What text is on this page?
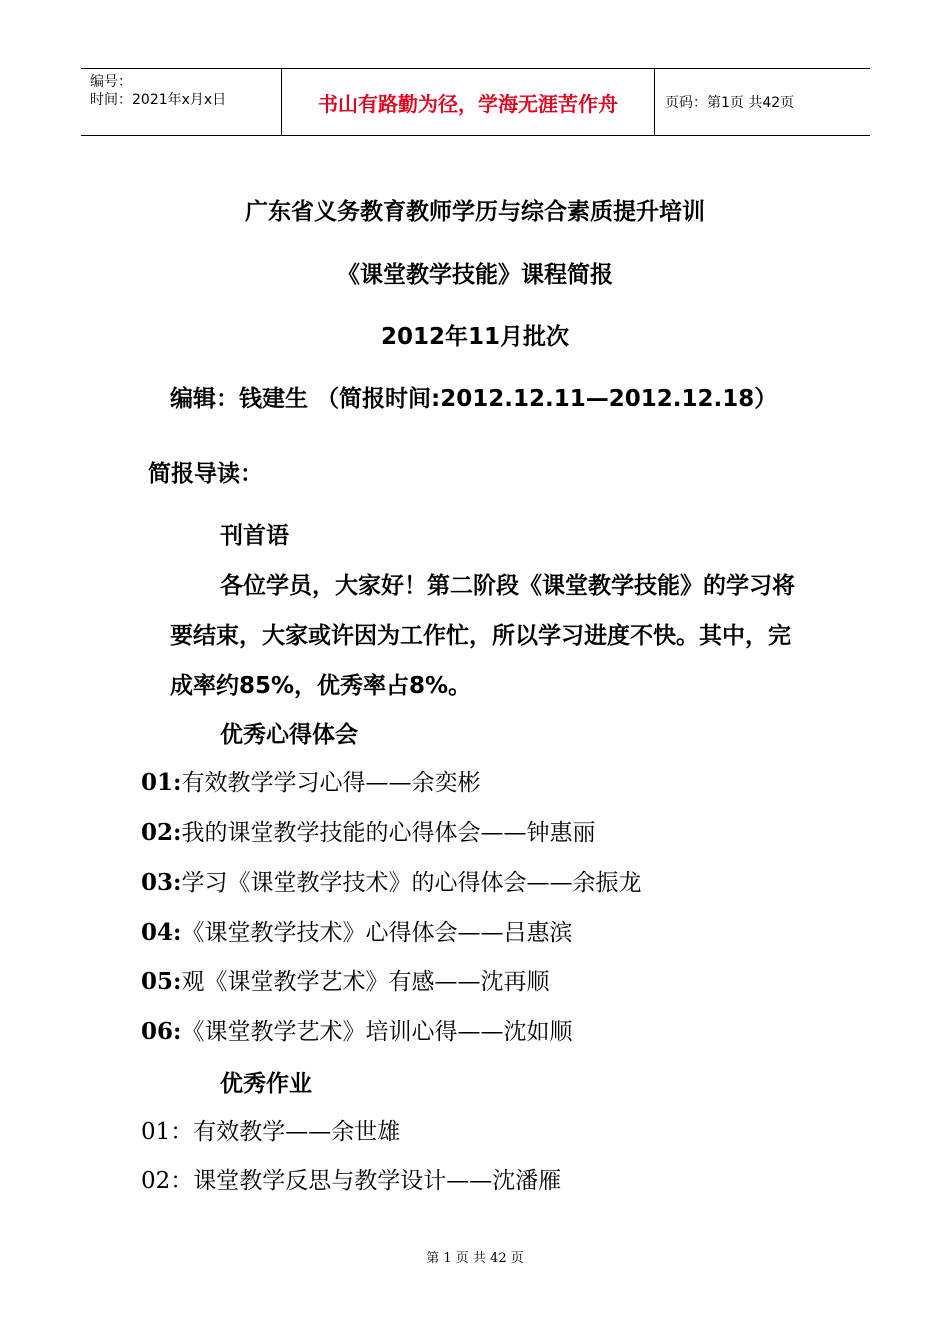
编号：
时间：2021年x月x日	书山有路勤为径，学海无涯苦作舟	页码：第1页 共42页
广东省义务教育教师学历与综合素质提升培训
《课堂教学技能》课程简报
2012年11月批次
编辑：钱建生 （简报时间:2012.12.11—2012.12.18）
简报导读：
刊首语
各位学员，大家好！第二阶段《课堂教学技能》的学习将
要结束，大家或许因为工作忙，所以学习进度不快。其中，完
成率约85%，优秀率占8%。
优秀心得体会
01:有效教学学习心得——余奕彬
02:我的课堂教学技能的心得体会——钟惠丽
03:学习《课堂教学技术》的心得体会——余振龙
04:《课堂教学技术》心得体会——吕惠滨
05:观《课堂教学艺术》有感——沈再顺
06:《课堂教学艺术》培训心得——沈如顺
优秀作业
01：有效教学——余世雄
02：课堂教学反思与教学设计——沈潘雁
第 1 页 共 42 页
